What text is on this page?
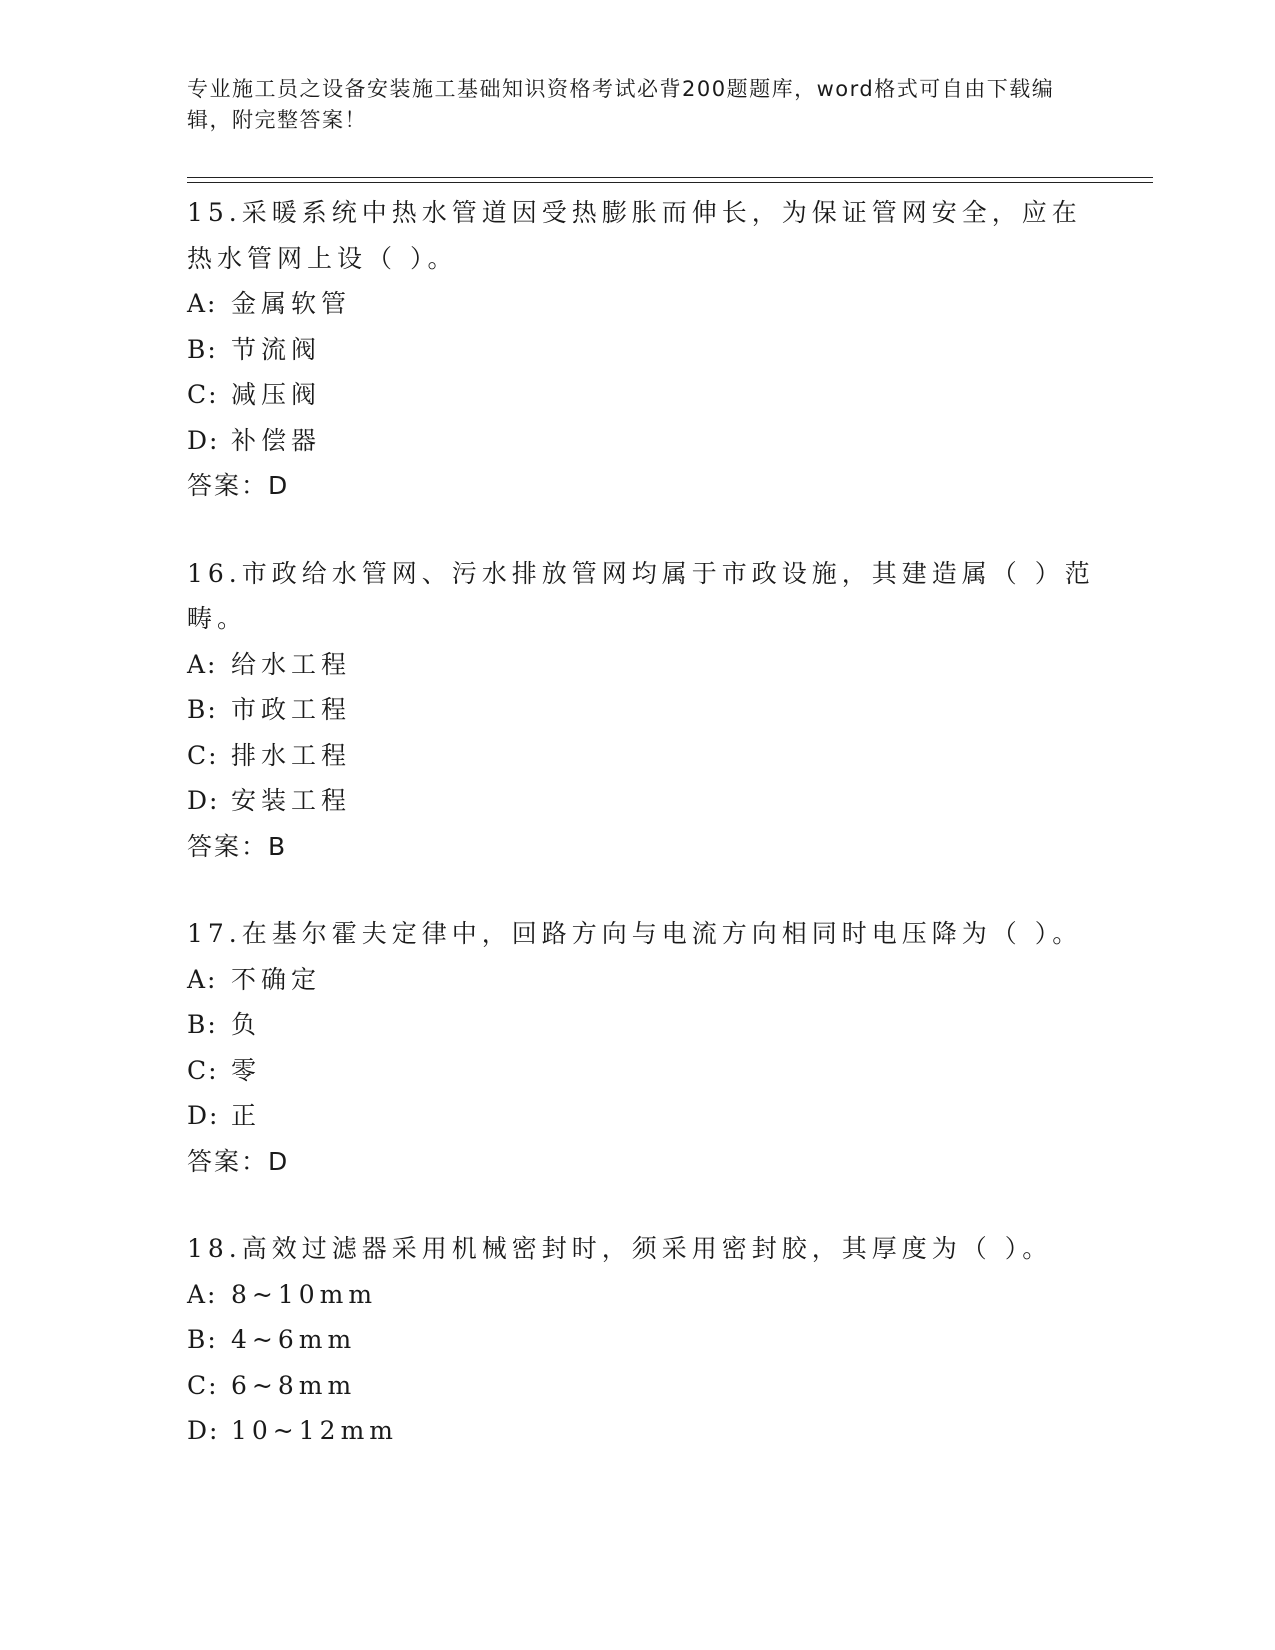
专业施工员之设备安装施工基础知识资格考试必背200题题库，word格式可自由下载编辑，附完整答案！
15.采暖系统中热水管道因受热膨胀而伸长，为保证管网安全，应在热水管网上设（ ）。
A: 金属软管
B: 节流阀
C: 减压阀
D: 补偿器
答案：D
16.市政给水管网、污水排放管网均属于市政设施，其建造属（ ）范畴。
A: 给水工程
B: 市政工程
C: 排水工程
D: 安装工程
答案：B
17.在基尔霍夫定律中，回路方向与电流方向相同时电压降为（ ）。
A: 不确定
B: 负
C: 零
D: 正
答案：D
18.高效过滤器采用机械密封时，须采用密封胶，其厚度为（ ）。
A: 8~10mm
B: 4~6mm
C: 6~8mm
D: 10~12mm
